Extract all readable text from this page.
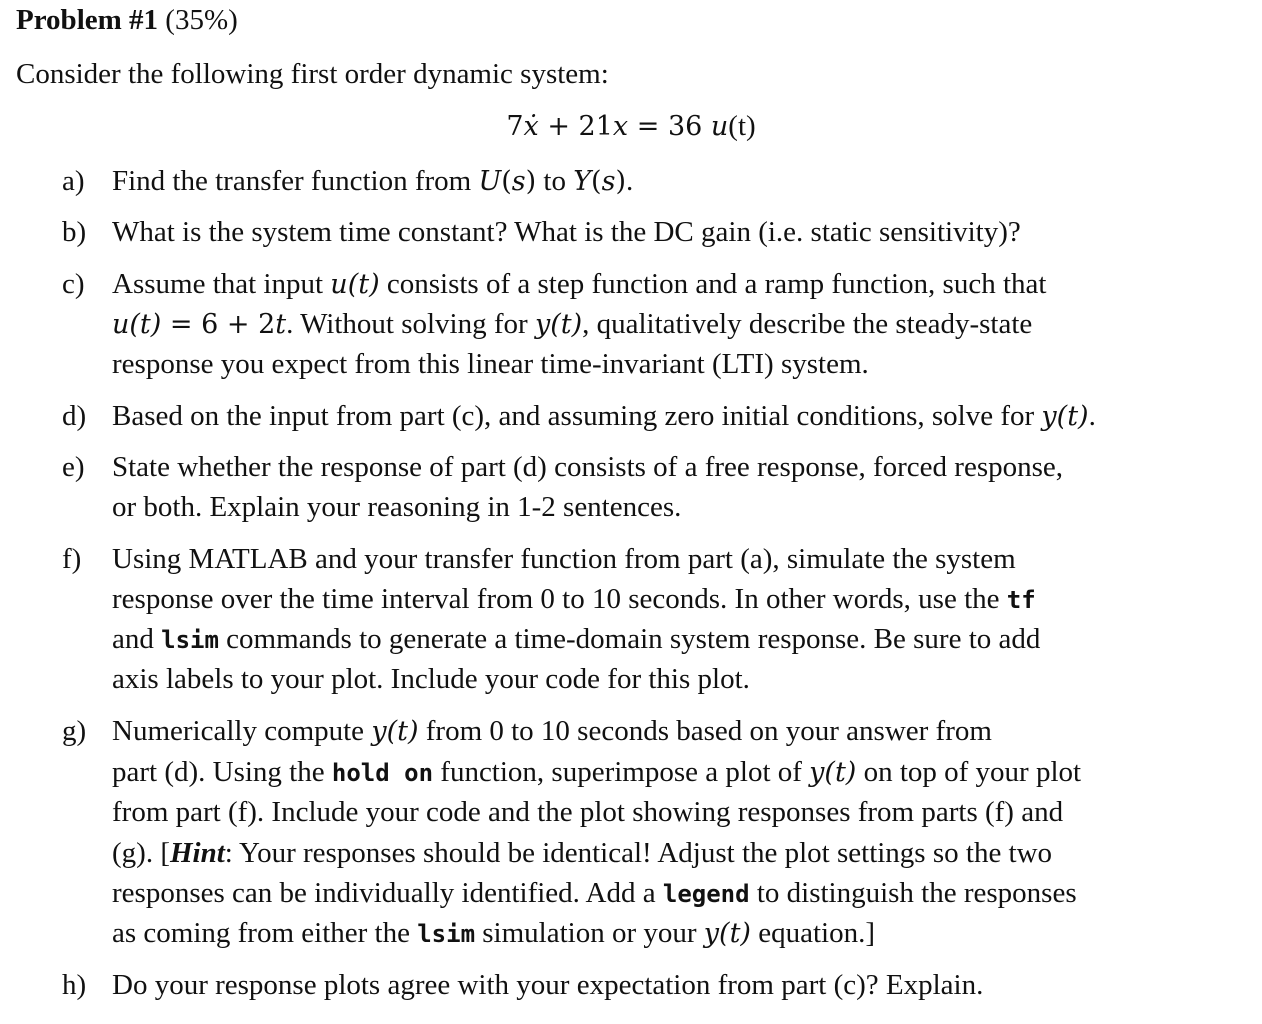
Problem #1 (35%)
Consider the following first order dynamic system:
7ẋ + 21x = 36 u(t)
a) Find the transfer function from U(s) to Y(s).
b) What is the system time constant? What is the DC gain (i.e. static sensitivity)?
c) Assume that input u(t) consists of a step function and a ramp function, such that
u(t) = 6 + 2t. Without solving for y(t), qualitatively describe the steady-state
response you expect from this linear time-invariant (LTI) system.
d) Based on the input from part (c), and assuming zero initial conditions, solve for y(t).
e) State whether the response of part (d) consists of a free response, forced response,
or both. Explain your reasoning in 1-2 sentences.
f) Using MATLAB and your transfer function from part (a), simulate the system
response over the time interval from 0 to 10 seconds. In other words, use the tf
and lsim commands to generate a time-domain system response. Be sure to add
axis labels to your plot. Include your code for this plot.
g) Numerically compute y(t) from 0 to 10 seconds based on your answer from
part (d). Using the hold on function, superimpose a plot of y(t) on top of your plot
from part (f). Include your code and the plot showing responses from parts (f) and
(g). [Hint: Your responses should be identical! Adjust the plot settings so the two
responses can be individually identified. Add a legend to distinguish the responses
as coming from either the lsim simulation or your y(t) equation.]
h) Do your response plots agree with your expectation from part (c)? Explain.
